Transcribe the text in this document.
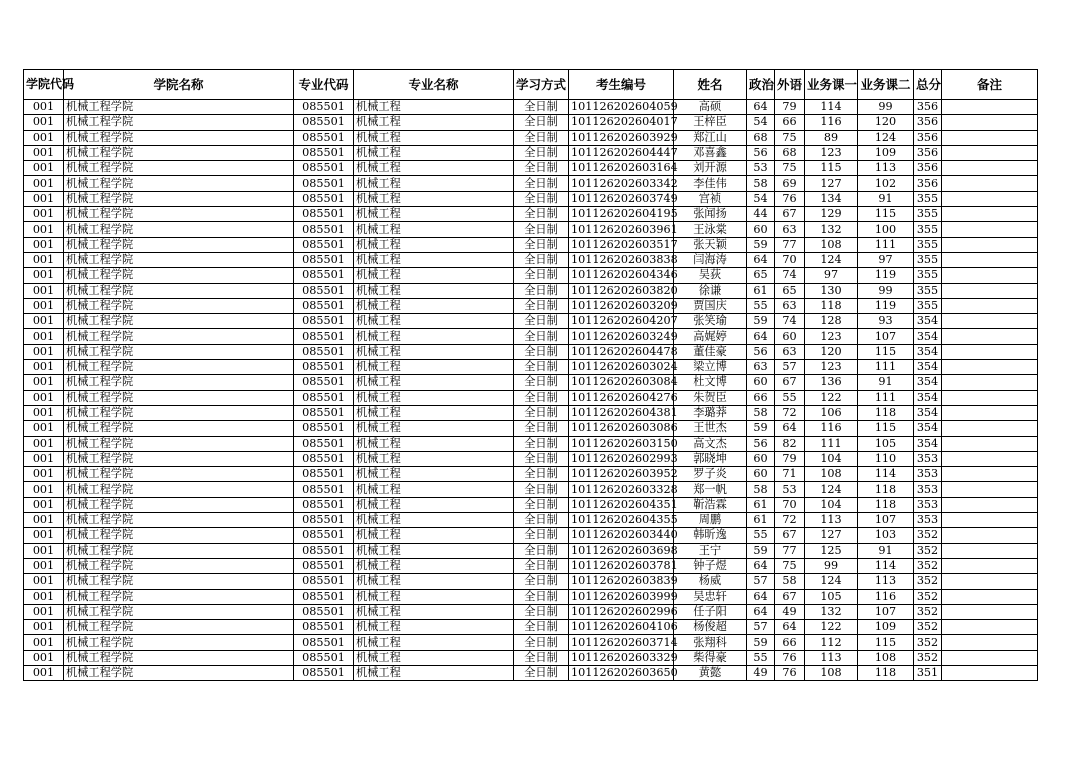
学院代码	学院名称	专业代码	专业名称	学习方式	考生编号	姓名	政治	外语	业务课一	业务课二	总分	备注
001	机械工程学院	085501	机械工程	全日制	101126202604059	高硕	64	79	114	99	356	
001	机械工程学院	085501	机械工程	全日制	101126202604017	王梓臣	54	66	116	120	356	
001	机械工程学院	085501	机械工程	全日制	101126202603929	郑江山	68	75	89	124	356	
001	机械工程学院	085501	机械工程	全日制	101126202604447	邓喜鑫	56	68	123	109	356	
001	机械工程学院	085501	机械工程	全日制	101126202603164	刘开源	53	75	115	113	356	
001	机械工程学院	085501	机械工程	全日制	101126202603342	李佳伟	58	69	127	102	356	
001	机械工程学院	085501	机械工程	全日制	101126202603749	宫祯	54	76	134	91	355	
001	机械工程学院	085501	机械工程	全日制	101126202604195	张闻扬	44	67	129	115	355	
001	机械工程学院	085501	机械工程	全日制	101126202603961	王泳棠	60	63	132	100	355	
001	机械工程学院	085501	机械工程	全日制	101126202603517	张天颖	59	77	108	111	355	
001	机械工程学院	085501	机械工程	全日制	101126202603838	闫海涛	64	70	124	97	355	
001	机械工程学院	085501	机械工程	全日制	101126202604346	吴荻	65	74	97	119	355	
001	机械工程学院	085501	机械工程	全日制	101126202603820	徐谦	61	65	130	99	355	
001	机械工程学院	085501	机械工程	全日制	101126202603209	贾国庆	55	63	118	119	355	
001	机械工程学院	085501	机械工程	全日制	101126202604207	张笑瑜	59	74	128	93	354	
001	机械工程学院	085501	机械工程	全日制	101126202603249	高娓婷	64	60	123	107	354	
001	机械工程学院	085501	机械工程	全日制	101126202604478	董佳豪	56	63	120	115	354	
001	机械工程学院	085501	机械工程	全日制	101126202603024	梁立博	63	57	123	111	354	
001	机械工程学院	085501	机械工程	全日制	101126202603084	杜文博	60	67	136	91	354	
001	机械工程学院	085501	机械工程	全日制	101126202604276	朱贺臣	66	55	122	111	354	
001	机械工程学院	085501	机械工程	全日制	101126202604381	李璐莽	58	72	106	118	354	
001	机械工程学院	085501	机械工程	全日制	101126202603086	王世杰	59	64	116	115	354	
001	机械工程学院	085501	机械工程	全日制	101126202603150	高文杰	56	82	111	105	354	
001	机械工程学院	085501	机械工程	全日制	101126202602993	郭晓坤	60	79	104	110	353	
001	机械工程学院	085501	机械工程	全日制	101126202603952	罗子炎	60	71	108	114	353	
001	机械工程学院	085501	机械工程	全日制	101126202603328	郑一帆	58	53	124	118	353	
001	机械工程学院	085501	机械工程	全日制	101126202604351	靳浩霖	61	70	104	118	353	
001	机械工程学院	085501	机械工程	全日制	101126202604355	周鹏	61	72	113	107	353	
001	机械工程学院	085501	机械工程	全日制	101126202603440	韩昕逸	55	67	127	103	352	
001	机械工程学院	085501	机械工程	全日制	101126202603698	王宁	59	77	125	91	352	
001	机械工程学院	085501	机械工程	全日制	101126202603781	钟子煜	64	75	99	114	352	
001	机械工程学院	085501	机械工程	全日制	101126202603839	杨威	57	58	124	113	352	
001	机械工程学院	085501	机械工程	全日制	101126202603999	吴忠轩	64	67	105	116	352	
001	机械工程学院	085501	机械工程	全日制	101126202602996	任子阳	64	49	132	107	352	
001	机械工程学院	085501	机械工程	全日制	101126202604106	杨俊超	57	64	122	109	352	
001	机械工程学院	085501	机械工程	全日制	101126202603714	张翔科	59	66	112	115	352	
001	机械工程学院	085501	机械工程	全日制	101126202603329	柴得豪	55	76	113	108	352	
001	机械工程学院	085501	机械工程	全日制	101126202603650	黄懿	49	76	108	118	351	
